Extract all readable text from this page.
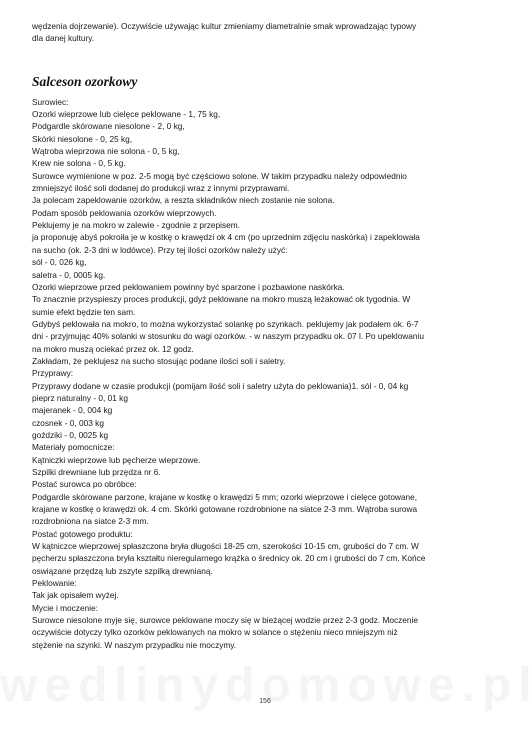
wędzenia dojrzewanie). Oczywiście używając kultur zmieniamy diametralnie smak wprowadzając typowy
dla danej kultury.

Salceson ozorkowy
Surowiec:
Ozorki wieprzowe lub cielęce peklowane - 1, 75 kg,
Podgardle skórowane niesolone - 2, 0 kg,
Skórki niesolone - 0, 25 kg,
Wątroba wieprzowa nie solona - 0, 5 kg,
Krew nie solona - 0, 5 kg.
Surowce wymienione w poz. 2-5 mogą być częściowo solone. W takim przypadku należy odpowiednio
zmniejszyć ilość soli dodanej do produkcji wraz z innymi przyprawami.
Ja polecam zapeklowanie ozorków, a reszta składników niech zostanie nie solona.
Podam sposób peklowania ozorków wieprzowych.
Peklujemy je na mokro w zalewie - zgodnie z przepisem.
ja proponuję abyś pokroiła je w kostkę o krawędzi ok 4 cm (po uprzednim zdjęciu naskórka) i zapeklowała
na sucho (ok. 2-3 dni w lodówce). Przy tej ilości ozorków należy użyć:
sól - 0, 026 kg,
saletra - 0, 0005 kg.
Ozorki wieprzowe przed peklowaniem powinny być sparzone i pozbawione naskórka.
To znacznie przyspieszy proces produkcji, gdyż peklowane na mokro muszą leżakować ok tygodnia. W
sumie efekt będzie ten sam.
Gdybyś peklowała na mokro, to można wykorzystać solankę po szynkach. peklujemy jak podałem ok. 6-7
dni - przyjmując 40% solanki w stosunku do wagi ozorków. - w naszym przypadku ok. 07 l. Po upeklowaniu
na mokro muszą ociekać przez ok. 12 godz.
Zakładam, że peklujesz na sucho stosując podane ilości soli i saletry.
Przyprawy:
Przyprawy dodane w czasie produkcji (pomijam ilość soli i saletry użyta do peklowania)1. sól - 0, 04 kg
pieprz naturalny - 0, 01 kg
majeranek - 0, 004 kg
czosnek - 0, 003 kg
goździki - 0, 0025 kg
Materiały pomocnicze:
Kątniczki wieprzowe lub pęcherze wieprzowe.
Szpilki drewniane lub przędza nr 6.
Postać surowca po obróbce:
Podgardle skórowane parzone, krajane w kostkę o krawędzi 5 mm; ozorki wieprzowe i cielęce gotowane,
krajane w kostkę o krawędzi ok. 4 cm. Skórki gotowane rozdrobnione na siatce 2-3 mm. Wątroba surowa
rozdrobniona na siatce 2-3 mm.
Postać gotowego produktu:
W kątniczce wieprzowej spłaszczona bryła długości 18-25 cm, szerokości 10-15 cm, grubości do 7 cm. W
pęcherzu spłaszczona bryła kształtu nieregularnego krążka o średnicy ok. 20 cm i grubości do 7 cm. Końce
oswiązane przędzą lub zszyte szpilką drewnianą.
Peklowanie:
Tak jak opisałem wyżej.
Mycie i moczenie:
Surowce niesolone myje się, surowce peklowane moczy się w bieżącej wodzie przez 2-3 godz. Moczenie
oczywiście dotyczy tylko ozorków peklowanych na mokro w solance o stężeniu nieco mniejszym niż
stężenie na szynki. W naszym przypadku nie moczymy.
156
